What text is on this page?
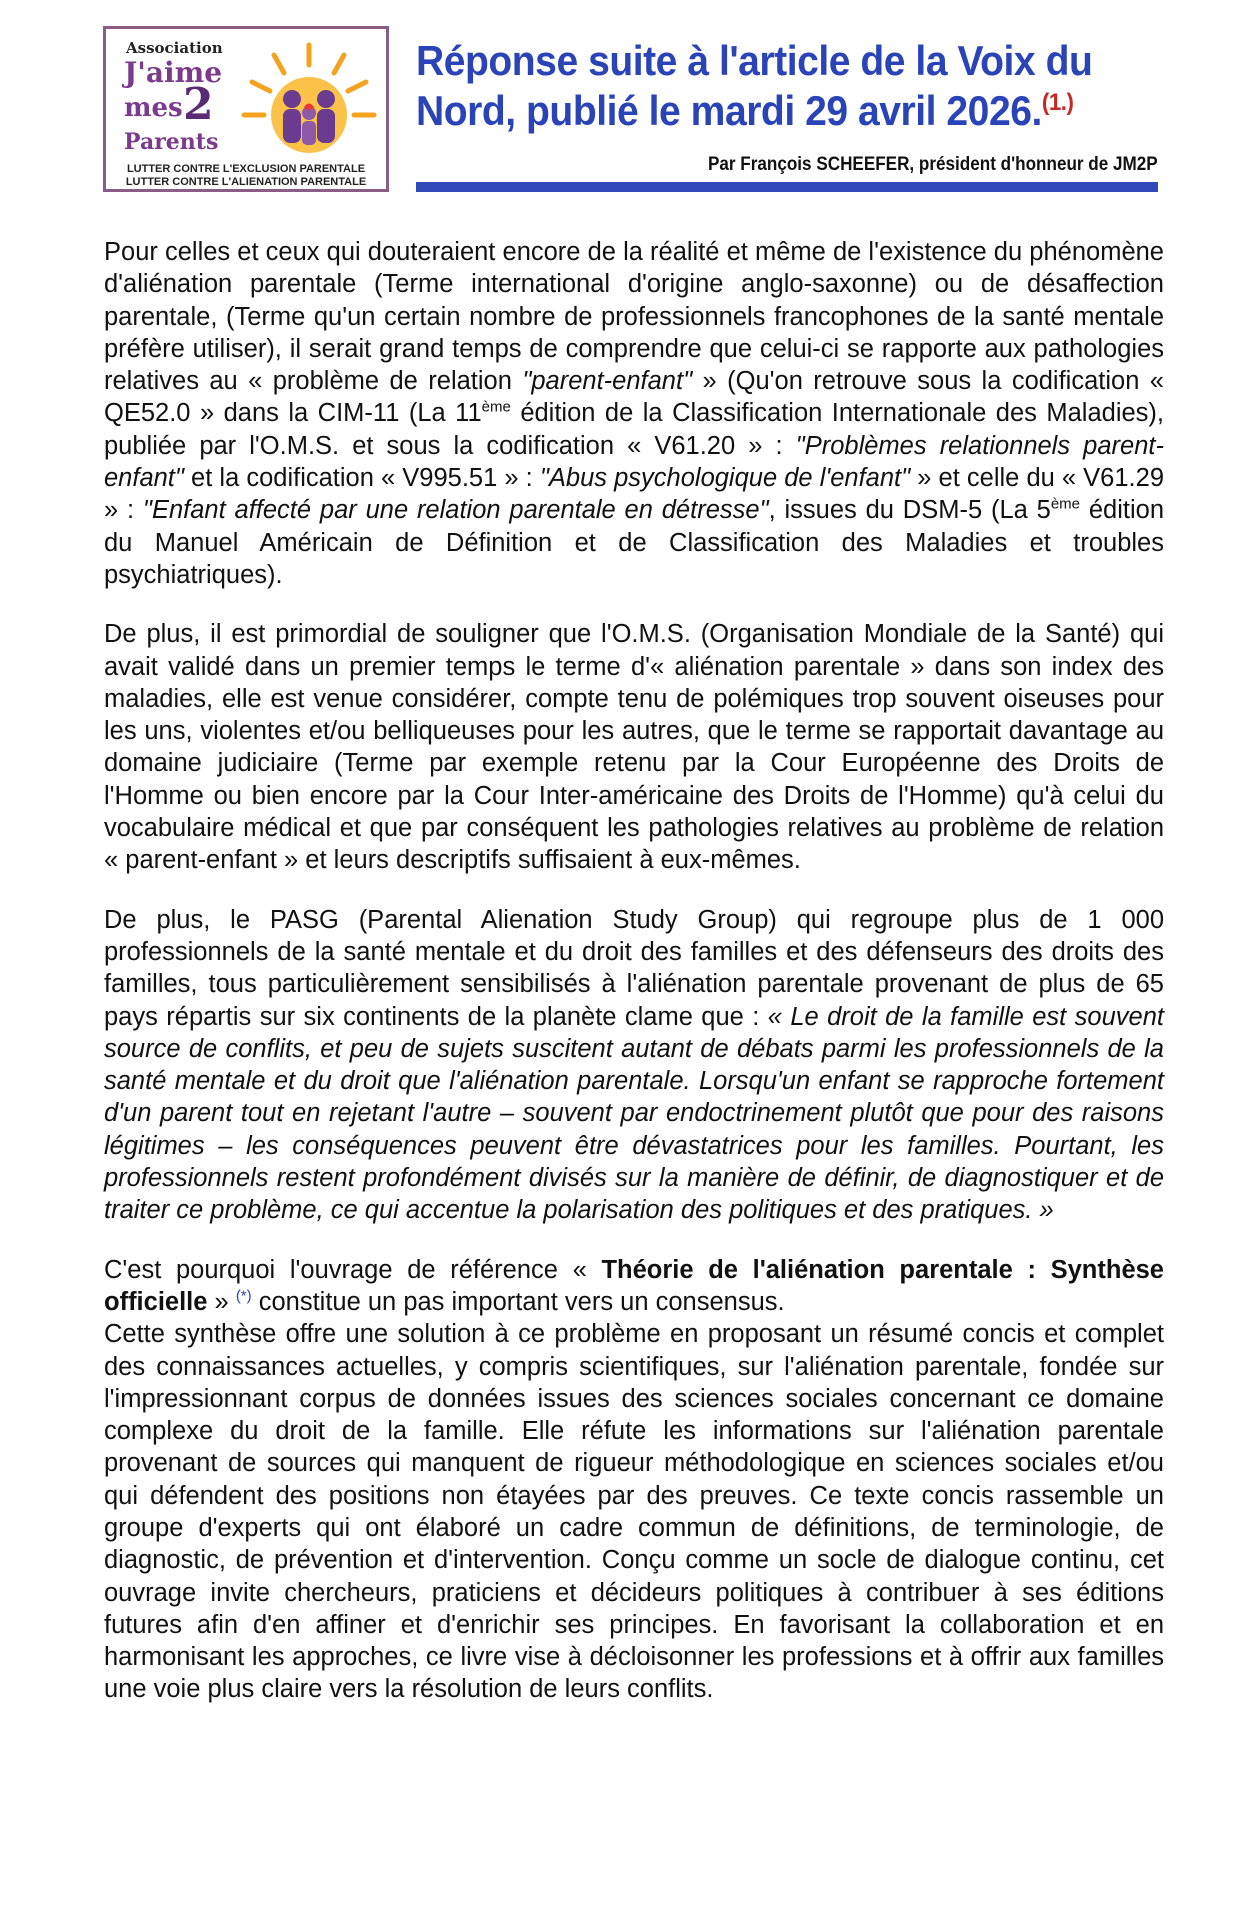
Association
J'aime
mes 2
Parents
LUTTER CONTRE L'EXCLUSION PARENTALE
LUTTER CONTRE L'ALIENATION PARENTALE
Réponse suite à l'article de la Voix du Nord, publié le mardi 29 avril 2026.$^{(1.)}$
Par François SCHEEFER, président d'honneur de JM2P

Pour celles et ceux qui douteraient encore de la réalité et même de l'existence du phénomène d'aliénation parentale (Terme international d'origine anglo-saxonne) ou de désaffection parentale, (Terme qu'un certain nombre de professionnels francophones de la santé mentale préfère utiliser), il serait grand temps de comprendre que celui-ci se rapporte aux pathologies relatives au « problème de relation "parent-enfant" » (Qu'on retrouve sous la codification « QE52.0 » dans la CIM-11 (La 11ème édition de la Classification Internationale des Maladies), publiée par l'O.M.S. et sous la codification « V61.20 » : "Problèmes relationnels parent-enfant" et la codification « V995.51 » : "Abus psychologique de l'enfant" » et celle du « V61.29 » : "Enfant affecté par une relation parentale en détresse", issues du DSM-5 (La 5ème édition du Manuel Américain de Définition et de Classification des Maladies et troubles psychiatriques).

De plus, il est primordial de souligner que l'O.M.S. (Organisation Mondiale de la Santé) qui avait validé dans un premier temps le terme d'« aliénation parentale » dans son index des maladies, elle est venue considérer, compte tenu de polémiques trop souvent oiseuses pour les uns, violentes et/ou belliqueuses pour les autres, que le terme se rapportait davantage au domaine judiciaire (Terme par exemple retenu par la Cour Européenne des Droits de l'Homme ou bien encore par la Cour Inter-américaine des Droits de l'Homme) qu'à celui du vocabulaire médical et que par conséquent les pathologies relatives au problème de relation « parent-enfant » et leurs descriptifs suffisaient à eux-mêmes.

De plus, le PASG (Parental Alienation Study Group) qui regroupe plus de 1 000 professionnels de la santé mentale et du droit des familles et des défenseurs des droits des familles, tous particulièrement sensibilisés à l'aliénation parentale provenant de plus de 65 pays répartis sur six continents de la planète clame que : « Le droit de la famille est souvent source de conflits, et peu de sujets suscitent autant de débats parmi les professionnels de la santé mentale et du droit que l'aliénation parentale. Lorsqu'un enfant se rapproche fortement d'un parent tout en rejetant l'autre – souvent par endoctrinement plutôt que pour des raisons légitimes – les conséquences peuvent être dévastatrices pour les familles. Pourtant, les professionnels restent profondément divisés sur la manière de définir, de diagnostiquer et de traiter ce problème, ce qui accentue la polarisation des politiques et des pratiques. »

C'est pourquoi l'ouvrage de référence « Théorie de l'aliénation parentale : Synthèse officielle » (*) constitue un pas important vers un consensus.

Cette synthèse offre une solution à ce problème en proposant un résumé concis et complet des connaissances actuelles, y compris scientifiques, sur l'aliénation parentale, fondée sur l'impressionnant corpus de données issues des sciences sociales concernant ce domaine complexe du droit de la famille. Elle réfute les informations sur l'aliénation parentale provenant de sources qui manquent de rigueur méthodologique en sciences sociales et/ou qui défendent des positions non étayées par des preuves. Ce texte concis rassemble un groupe d'experts qui ont élaboré un cadre commun de définitions, de terminologie, de diagnostic, de prévention et d'intervention. Conçu comme un socle de dialogue continu, cet ouvrage invite chercheurs, praticiens et décideurs politiques à contribuer à ses éditions futures afin d'en affiner et d'enrichir ses principes. En favorisant la collaboration et en harmonisant les approches, ce livre vise à décloisonner les professions et à offrir aux familles une voie plus claire vers la résolution de leurs conflits.
